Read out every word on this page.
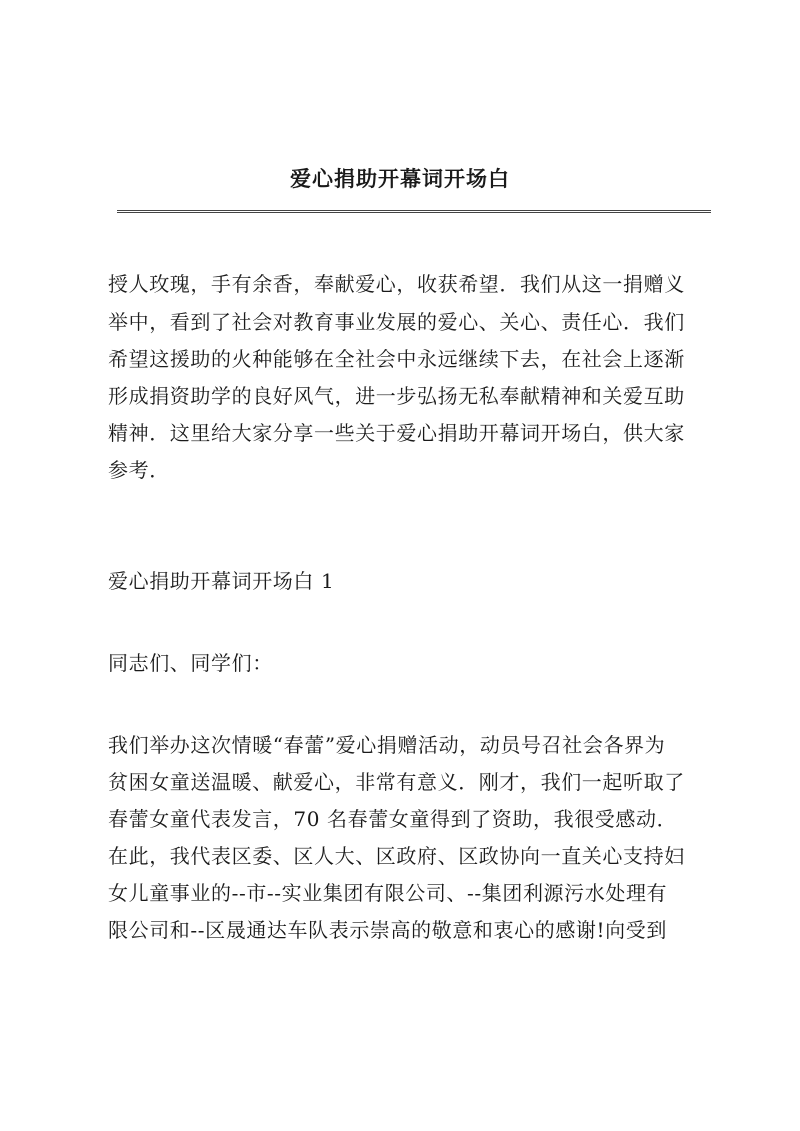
爱心捐助开幕词开场白
授人玫瑰，手有余香，奉献爱心，收获希望．我们从这一捐赠义
举中，看到了社会对教育事业发展的爱心、关心、责任心．我们
希望这援助的火种能够在全社会中永远继续下去，在社会上逐渐
形成捐资助学的良好风气，进一步弘扬无私奉献精神和关爱互助
精神．这里给大家分享一些关于爱心捐助开幕词开场白，供大家
参考．
爱心捐助开幕词开场白 1
同志们、同学们：
我们举办这次情暖“春蕾”爱心捐赠活动，动员号召社会各界为
贫困女童送温暖、献爱心，非常有意义．刚才，我们一起听取了
春蕾女童代表发言，70 名春蕾女童得到了资助，我很受感动．
在此，我代表区委、区人大、区政府、区政协向一直关心支持妇
女儿童事业的--市--实业集团有限公司、--集团利源污水处理有
限公司和--区晟通达车队表示崇高的敬意和衷心的感谢!向受到
